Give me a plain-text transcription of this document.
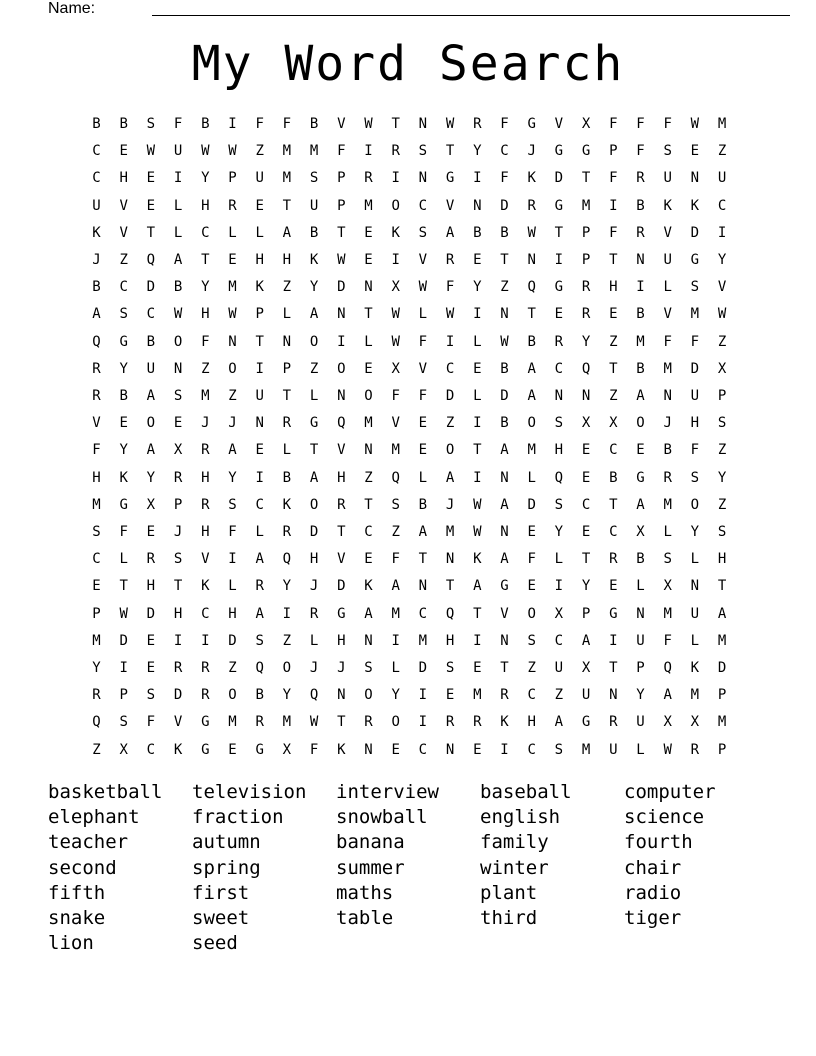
Name:
My Word Search
B	B	S	F	B	I	F	F	B	V	W	T	N	W	R	F	G	V	X	F	F	F	W	M
C	E	W	U	W	W	Z	M	M	F	I	R	S	T	Y	C	J	G	G	P	F	S	E	Z
C	H	E	I	Y	P	U	M	S	P	R	I	N	G	I	F	K	D	T	F	R	U	N	U
U	V	E	L	H	R	E	T	U	P	M	O	C	V	N	D	R	G	M	I	B	K	K	C
K	V	T	L	C	L	L	A	B	T	E	K	S	A	B	B	W	T	P	F	R	V	D	I
J	Z	Q	A	T	E	H	H	K	W	E	I	V	R	E	T	N	I	P	T	N	U	G	Y
B	C	D	B	Y	M	K	Z	Y	D	N	X	W	F	Y	Z	Q	G	R	H	I	L	S	V
A	S	C	W	H	W	P	L	A	N	T	W	L	W	I	N	T	E	R	E	B	V	M	W
Q	G	B	O	F	N	T	N	O	I	L	W	F	I	L	W	B	R	Y	Z	M	F	F	Z
R	Y	U	N	Z	O	I	P	Z	O	E	X	V	C	E	B	A	C	Q	T	B	M	D	X
R	B	A	S	M	Z	U	T	L	N	O	F	F	D	L	D	A	N	N	Z	A	N	U	P
V	E	O	E	J	J	N	R	G	Q	M	V	E	Z	I	B	O	S	X	X	O	J	H	S
F	Y	A	X	R	A	E	L	T	V	N	M	E	O	T	A	M	H	E	C	E	B	F	Z
H	K	Y	R	H	Y	I	B	A	H	Z	Q	L	A	I	N	L	Q	E	B	G	R	S	Y
M	G	X	P	R	S	C	K	O	R	T	S	B	J	W	A	D	S	C	T	A	M	O	Z
S	F	E	J	H	F	L	R	D	T	C	Z	A	M	W	N	E	Y	E	C	X	L	Y	S
C	L	R	S	V	I	A	Q	H	V	E	F	T	N	K	A	F	L	T	R	B	S	L	H
E	T	H	T	K	L	R	Y	J	D	K	A	N	T	A	G	E	I	Y	E	L	X	N	T
P	W	D	H	C	H	A	I	R	G	A	M	C	Q	T	V	O	X	P	G	N	M	U	A
M	D	E	I	I	D	S	Z	L	H	N	I	M	H	I	N	S	C	A	I	U	F	L	M
Y	I	E	R	R	Z	Q	O	J	J	S	L	D	S	E	T	Z	U	X	T	P	Q	K	D
R	P	S	D	R	O	B	Y	Q	N	O	Y	I	E	M	R	C	Z	U	N	Y	A	M	P
Q	S	F	V	G	M	R	M	W	T	R	O	I	R	R	K	H	A	G	R	U	X	X	M
Z	X	C	K	G	E	G	X	F	K	N	E	C	N	E	I	C	S	M	U	L	W	R	P
basketball television interview baseball	computer
elephant	fraction	snowball	english	science
teacher	autumn	banana	family	fourth
second	spring	summer	winter	chair
fifth	first	maths	plant	radio
snake	sweet	table	third	tiger
lion	seed
